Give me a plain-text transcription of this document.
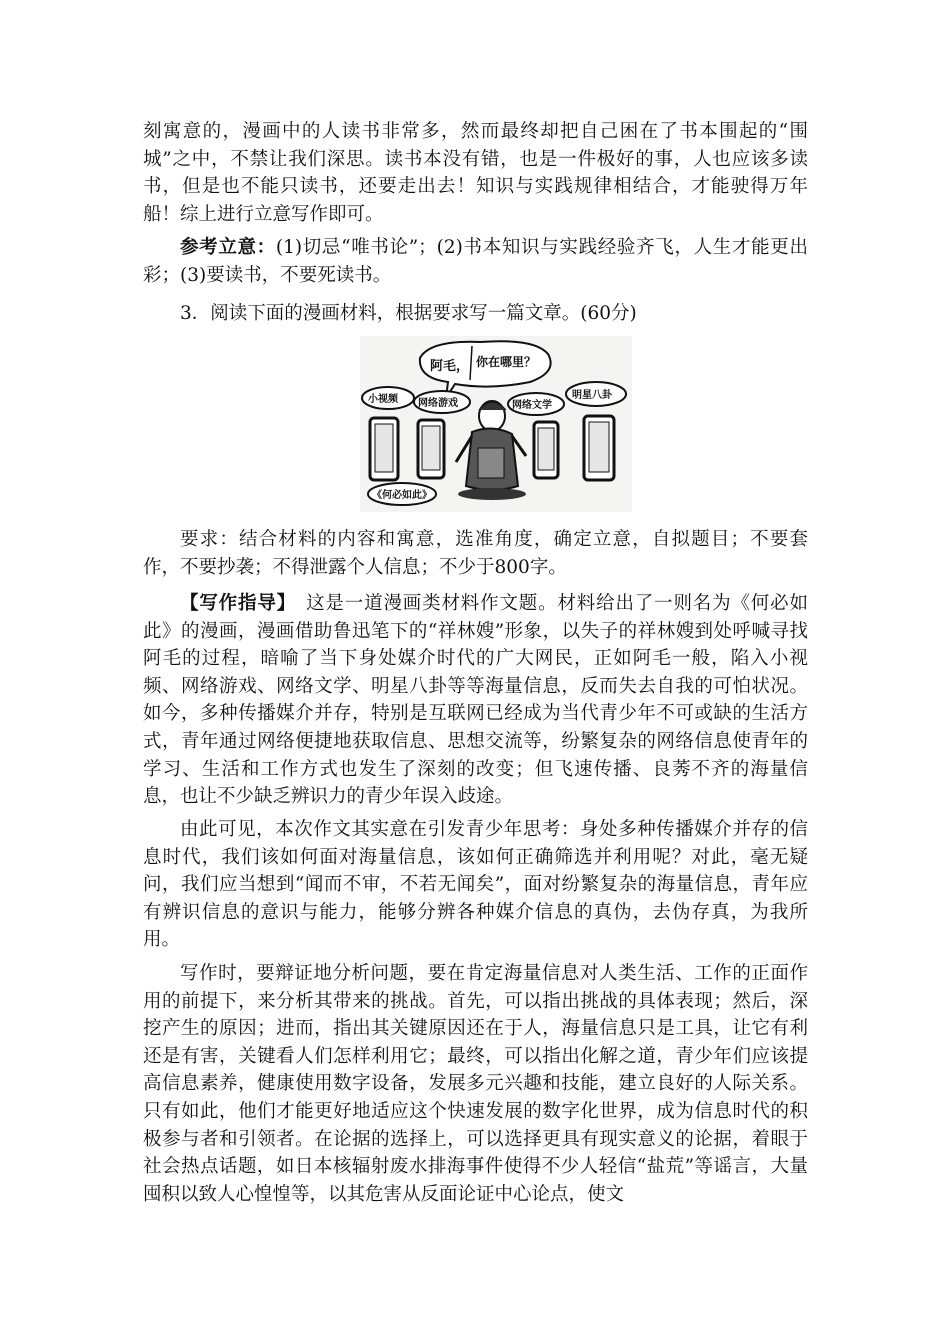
刻寓意的，漫画中的人读书非常多，然而最终却把自己困在了书本围起的“围城”之中，不禁让我们深思。读书本没有错，也是一件极好的事，人也应该多读书，但是也不能只读书，还要走出去！知识与实践规律相结合，才能驶得万年船！综上进行立意写作即可。
参考立意：(1)切忌“唯书论”；(2)书本知识与实践经验齐飞，人生才能更出彩；(3)要读书，不要死读书。
3．阅读下面的漫画材料，根据要求写一篇文章。(60分)
阿毛， 你在哪里？
小视频 网络游戏	网络文学
明星八卦
《何必如此》
要求：结合材料的内容和寓意，选准角度，确定立意，自拟题目；不要套作，不要抄袭；不得泄露个人信息；不少于800字。
【写作指导】　这是一道漫画类材料作文题。材料给出了一则名为《何必如此》的漫画，漫画借助鲁迅笔下的“祥林嫂”形象，以失子的祥林嫂到处呼喊寻找阿毛的过程，暗喻了当下身处媒介时代的广大网民，正如阿毛一般，陷入小视频、网络游戏、网络文学、明星八卦等等海量信息，反而失去自我的可怕状况。如今，多种传播媒介并存，特别是互联网已经成为当代青少年不可或缺的生活方式，青年通过网络便捷地获取信息、思想交流等，纷繁复杂的网络信息使青年的学习、生活和工作方式也发生了深刻的改变；但飞速传播、良莠不齐的海量信息，也让不少缺乏辨识力的青少年误入歧途。
由此可见，本次作文其实意在引发青少年思考：身处多种传播媒介并存的信息时代，我们该如何面对海量信息，该如何正确筛选并利用呢？对此，毫无疑问，我们应当想到“闻而不审，不若无闻矣”，面对纷繁复杂的海量信息，青年应有辨识信息的意识与能力，能够分辨各种媒介信息的真伪，去伪存真，为我所用。
写作时，要辩证地分析问题，要在肯定海量信息对人类生活、工作的正面作用的前提下，来分析其带来的挑战。首先，可以指出挑战的具体表现；然后，深挖产生的原因；进而，指出其关键原因还在于人，海量信息只是工具，让它有利还是有害，关键看人们怎样利用它；最终，可以指出化解之道，青少年们应该提高信息素养，健康使用数字设备，发展多元兴趣和技能，建立良好的人际关系。只有如此，他们才能更好地适应这个快速发展的数字化世界，成为信息时代的积极参与者和引领者。在论据的选择上，可以选择更具有现实意义的论据，着眼于社会热点话题，如日本核辐射废水排海事件使得不少人轻信“盐荒”等谣言，大量囤积以致人心惶惶等，以其危害从反面论证中心论点，使文
